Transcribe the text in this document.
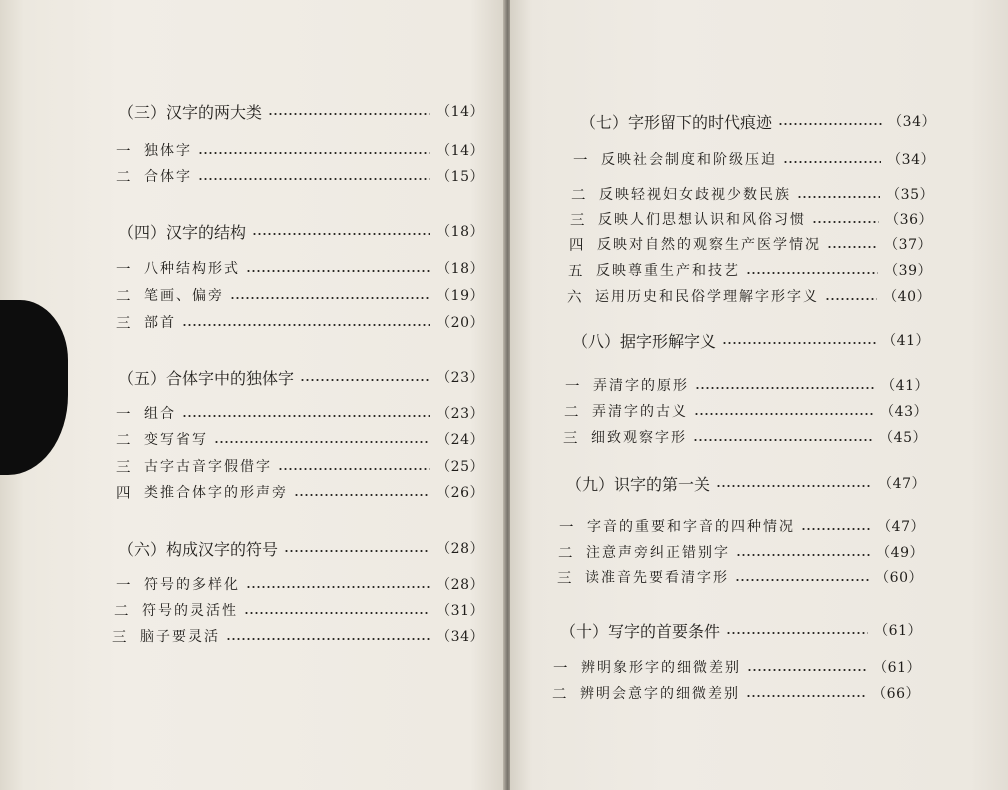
（三）汉字的两大类	（14）
一 独体字	（14）
二 合体字	（15）
（四）汉字的结构	（18）
一 八种结构形式	（18）
二 笔画、偏旁	（19）
三 部首	（20）
（五）合体字中的独体字	（23）
一 组合	（23）
二 变写省写	（24）
三 古字古音字假借字	（25）
四 类推合体字的形声旁	（26）
（六）构成汉字的符号	（28）
一 符号的多样化	（28）
二 符号的灵活性	（31）
三 脑子要灵活	（34）
（七）字形留下的时代痕迹	（34）
一 反映社会制度和阶级压迫	（34）
二 反映轻视妇女歧视少数民族	（35）
三 反映人们思想认识和风俗习惯	（36）
四 反映对自然的观察生产医学情况	（37）
五 反映尊重生产和技艺	（39）
六 运用历史和民俗学理解字形字义	（40）
（八）据字形解字义	（41）
一 弄清字的原形	（41）
二 弄清字的古义	（43）
三 细致观察字形	（45）
（九）识字的第一关	（47）
一 字音的重要和字音的四种情况	（47）
二 注意声旁纠正错别字	（49）
三 读准音先要看清字形	（60）
（十）写字的首要条件	（61）
一 辨明象形字的细微差别	（61）
二 辨明会意字的细微差别	（66）
